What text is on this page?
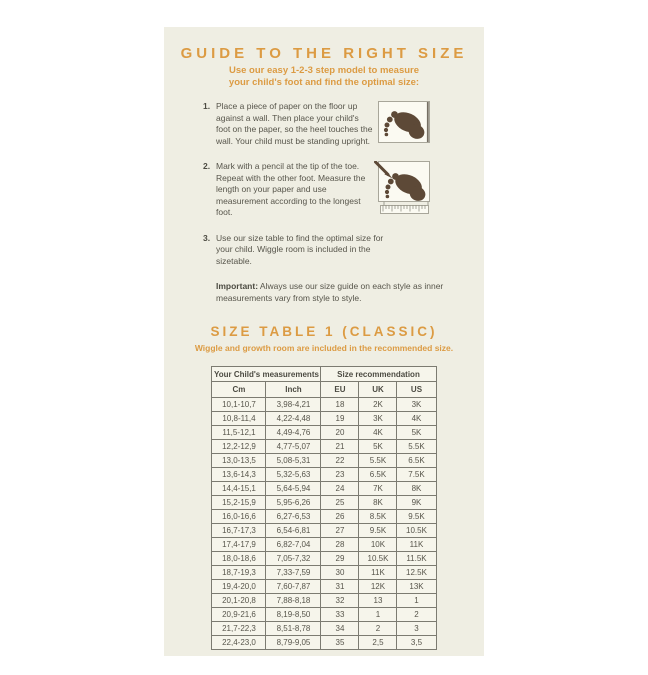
GUIDE TO THE RIGHT SIZE

Use our easy 1-2-3 step model to measure
your child's foot and find the optimal size:

1. Place a piece of paper on the floor up against a wall. Then place your child's foot on the paper, so the heel touches the wall. Your child must be standing upright.
2. Mark with a pencil at the tip of the toe. Repeat with the other foot. Measure the length on your paper and use measurement according to the longest foot.
3. Use our size table to find the optimal size for your child. Wiggle room is included in the sizetable.

Important: Always use our size guide on each style as inner measurements vary from style to style.

SIZE TABLE 1 (CLASSIC)

Wiggle and growth room are included in the recommended size.

Your Child's measurements		Size recommendation		
Cm	Inch	EU	UK	US
10,1-10,7	3,98-4,21	18	2K	3K
10,8-11,4	4,22-4,48	19	3K	4K
11,5-12,1	4,49-4,76	20	4K	5K
12,2-12,9	4,77-5,07	21	5K	5.5K
13,0-13,5	5,08-5,31	22	5.5K	6.5K
13,6-14,3	5,32-5,63	23	6.5K	7.5K
14,4-15,1	5,64-5,94	24	7K	8K
15,2-15,9	5,95-6,26	25	8K	9K
16,0-16,6	6,27-6,53	26	8.5K	9.5K
16,7-17,3	6,54-6,81	27	9.5K	10.5K
17,4-17,9	6,82-7,04	28	10K	11K
18,0-18,6	7,05-7,32	29	10.5K	11.5K
18,7-19,3	7,33-7,59	30	11K	12.5K
19,4-20,0	7,60-7,87	31	12K	13K
20,1-20,8	7,88-8,18	32	13	1
20,9-21,6	8,19-8,50	33	1	2
21,7-22,3	8,51-8,78	34	2	3
22,4-23,0	8,79-9,05	35	2,5	3,5
